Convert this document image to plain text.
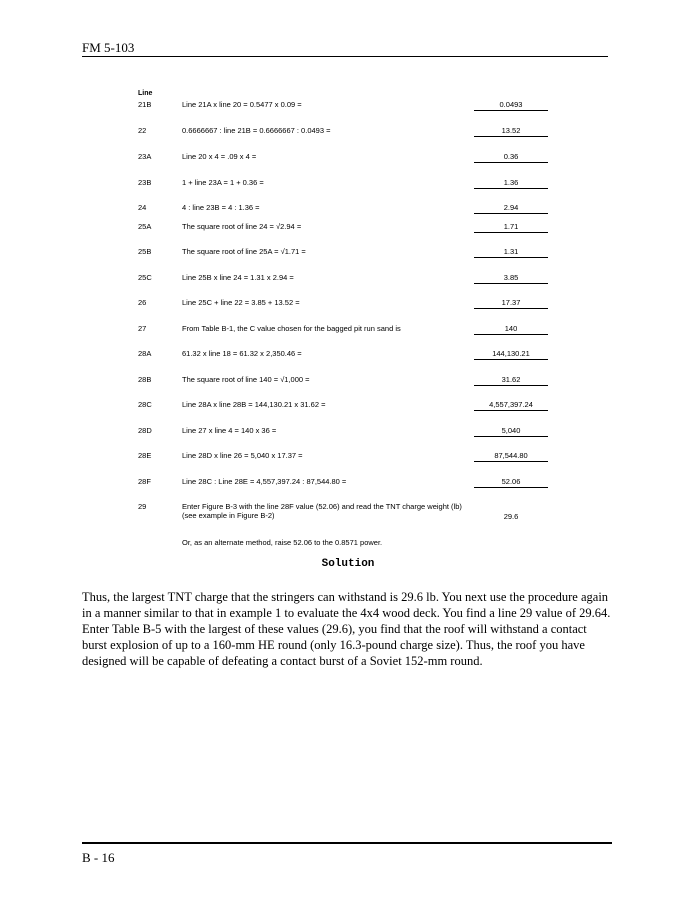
FM 5-103
Line
21B	Line 21A x line 20 = 0.5477 x 0.09 =	0.0493
22	0.6666667 : line 21B = 0.6666667 : 0.0493 =	13.52
23A	Line 20 x 4 = .09 x 4 =	0.36
23B	1 + line 23A = 1 + 0.36 =	1.36
24	4 : line 23B = 4 : 1.36 =	2.94
25A	The square root of line 24 = √2.94 =	1.71
25B	The square root of line 25A = √1.71 =	1.31
25C	Line 25B x line 24 = 1.31 x 2.94 =	3.85
26	Line 25C + line 22 = 3.85 + 13.52 =	17.37
27	From Table B-1, the C value chosen for the bagged pit run sand is	140
28A	61.32 x line 18 = 61.32 x 2,350.46 =	144,130.21
28B	The square root of line 140 = √1,000 =	31.62
28C	Line 28A x line 28B = 144,130.21 x 31.62 =	4,557,397.24
28D	Line 27 x line 4 = 140 x 36 =	5,040
28E	Line 28D x line 26 = 5,040 x 17.37 =	87,544.80
28F	Line 28C : Line 28E = 4,557,397.24 : 87,544.80 =	52.06
29	Enter Figure B-3 with the line 28F value (52.06) and read the TNT charge weight (lb) (see example in Figure B-2)	29.6
Or, as an alternate method, raise 52.06 to the 0.8571 power.
Solution

Thus, the largest TNT charge that the stringers can withstand is 29.6 lb. You next use the procedure again in a manner similar to that in example 1 to evaluate the 4x4 wood deck. You find a line 29 value of 29.64. Enter Table B-5 with the largest of these values (29.6), you find that the roof will withstand a contact burst explosion of up to a 160-mm HE round (only 16.3-pound charge size). Thus, the roof you have designed will be capable of defeating a contact burst of a Soviet 152-mm round.

B - 16
